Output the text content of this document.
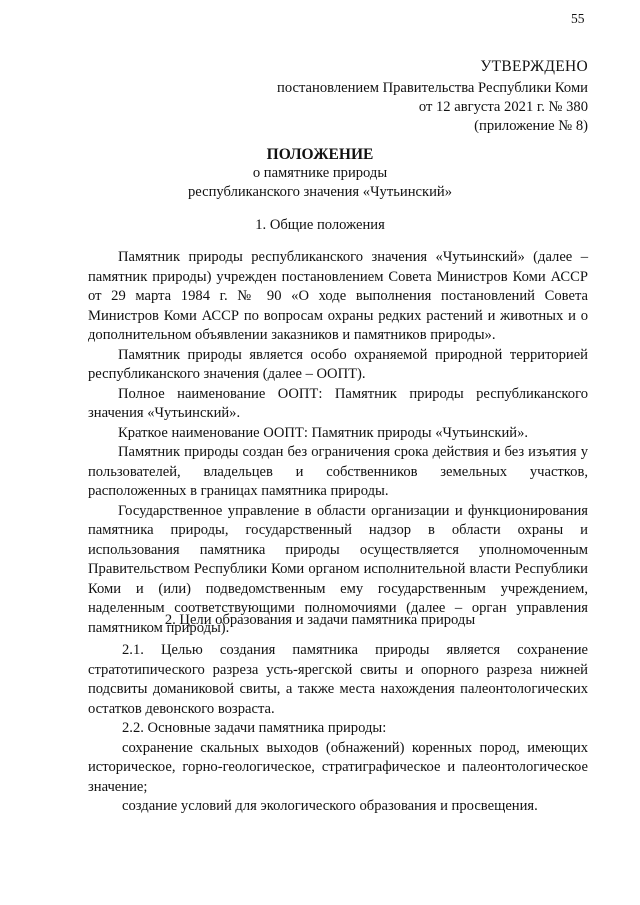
55
УТВЕРЖДЕНО
постановлением Правительства Республики Коми
от 12 августа 2021 г. № 380
(приложение № 8)
ПОЛОЖЕНИЕ
о памятнике природы
республиканского значения «Чутьинский»
1. Общие положения

Памятник природы республиканского значения «Чутьинский» (далее – памятник природы) учрежден постановлением Совета Министров Коми АССР от 29 марта 1984 г. № 90 «О ходе выполнения постановлений Совета Министров Коми АССР по вопросам охраны редких растений и животных и о дополнительном объявлении заказников и памятников природы».

Памятник природы является особо охраняемой природной территорией республиканского значения (далее – ООПТ).

Полное наименование ООПТ: Памятник природы республиканского значения «Чутьинский».

Краткое наименование ООПТ: Памятник природы «Чутьинский».

Памятник природы создан без ограничения срока действия и без изъятия у пользователей, владельцев и собственников земельных участков, расположенных в границах памятника природы.

Государственное управление в области организации и функционирования памятника природы, государственный надзор в области охраны и использования памятника природы осуществляется уполномоченным Правительством Республики Коми органом исполнительной власти Республики Коми и (или) подведомственным ему государственным учреждением, наделенным соответствующими полномочиями (далее – орган управления памятником природы).

2. Цели образования и задачи памятника природы

2.1. Целью создания памятника природы является сохранение стратотипического разреза усть-ярегской свиты и опорного разреза нижней подсвиты доманиковой свиты, а также места нахождения палеонтологических остатков девонского возраста.

2.2. Основные задачи памятника природы:

сохранение скальных выходов (обнажений) коренных пород, имеющих историческое, горно-геологическое, стратиграфическое и палеонтологическое значение;

создание условий для экологического образования и просвещения.
